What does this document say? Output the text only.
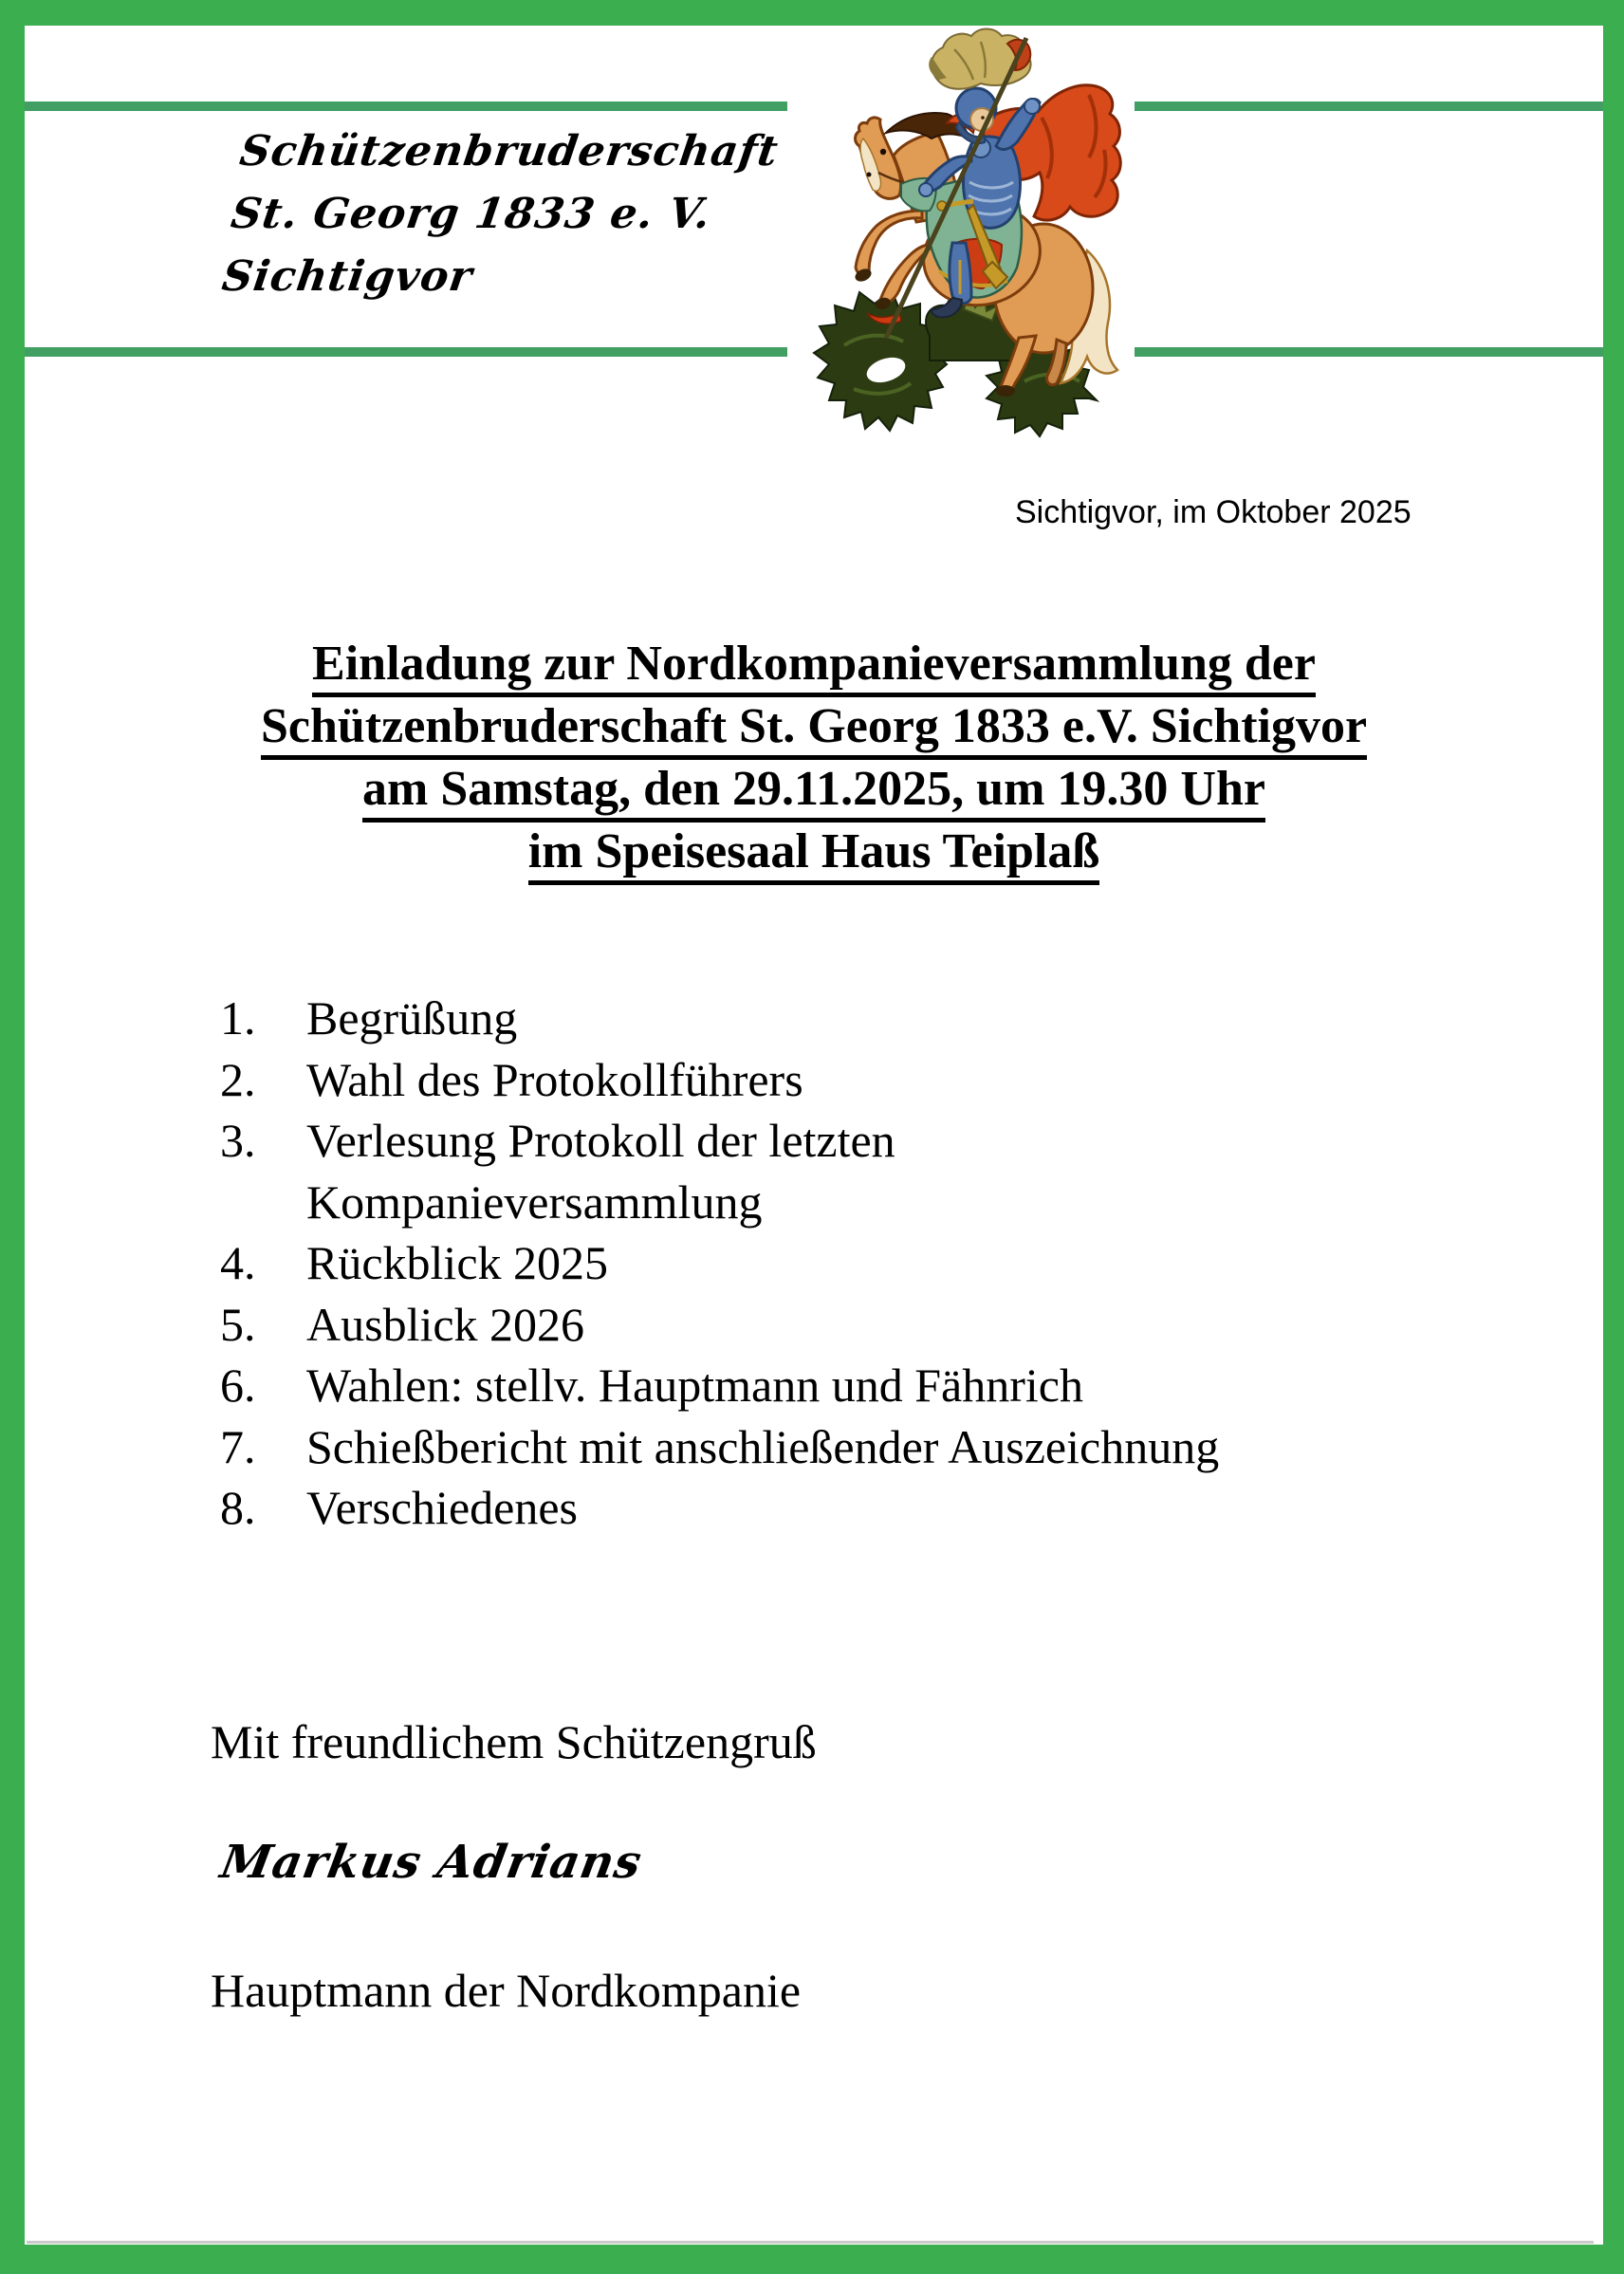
Schützenbruderschaft
St. Georg 1833 e. V.
Sichtigvor
Sichtigvor, im Oktober 2025
Einladung zur Nordkompanieversammlung der
Schützenbruderschaft St. Georg 1833 e.V. Sichtigvor
am Samstag, den 29.11.2025, um 19.30 Uhr
im Speisesaal Haus Teiplaß
1.	Begrüßung
2.	Wahl des Protokollführers
3.	Verlesung Protokoll der letzten
Kompanieversammlung
4.	Rückblick 2025
5.	Ausblick 2026
6.	Wahlen: stellv. Hauptmann und Fähnrich
7.	Schießbericht mit anschließender Auszeichnung
8.	Verschiedenes
Mit freundlichem Schützengruß
Markus Adrians
Hauptmann der Nordkompanie
